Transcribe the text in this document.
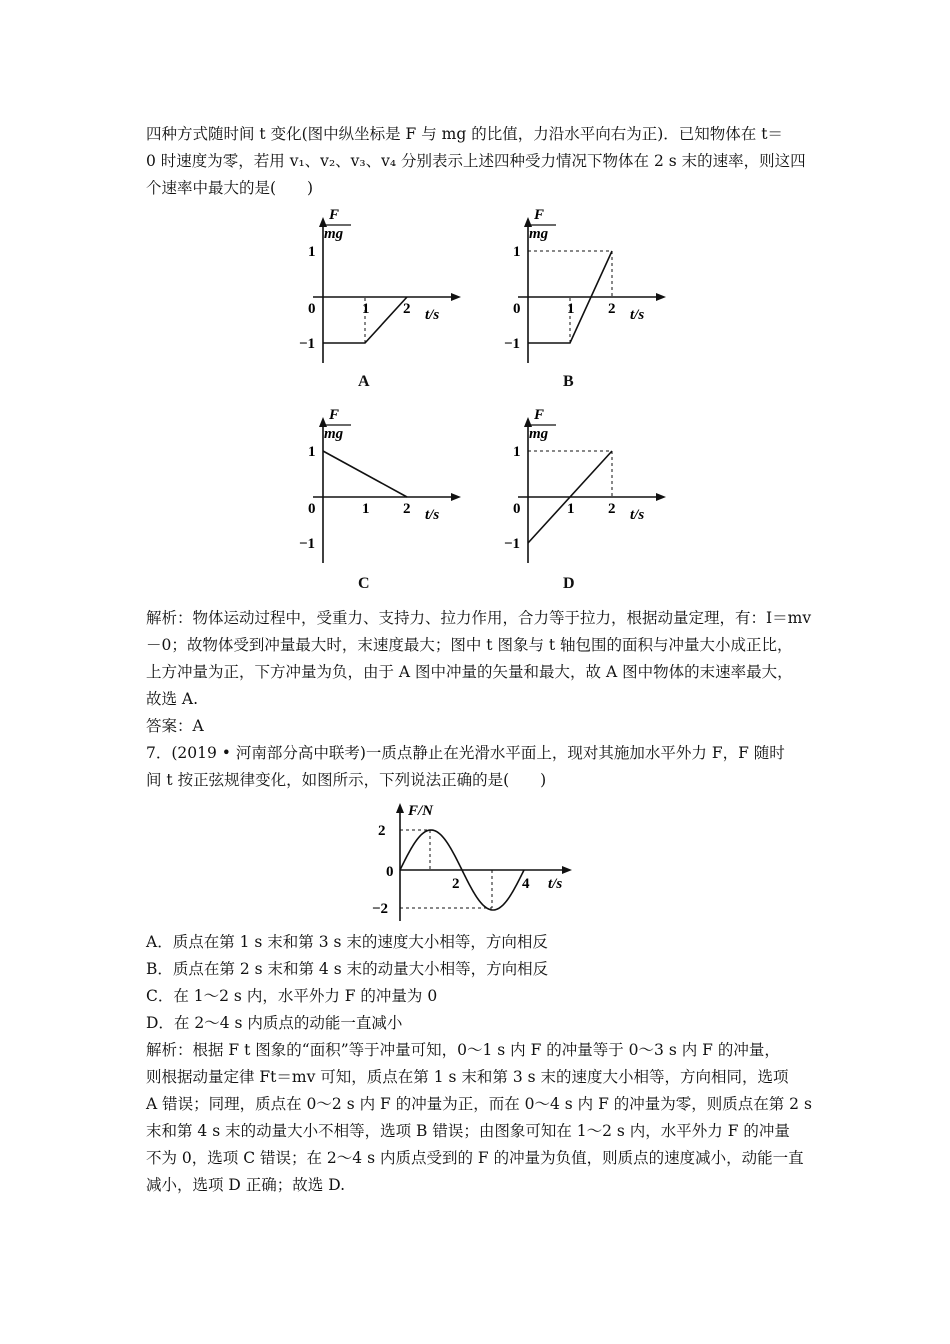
四种方式随时间 t 变化(图中纵坐标是 F 与 mg 的比值，力沿水平向右为正)．已知物体在 t＝
0 时速度为零，若用 v₁、v₂、v₃、v₄ 分别表示上述四种受力情况下物体在 2 s 末的速率，则这四
个速率中最大的是(　　)
F
mg
1
−1
0	1 2 t/s
A
F
mg
1
−1
0	1 2 t/s
B
F
mg
1
−1
0	1 2 t/s
C
F
mg
1
−1
0	1 2 t/s
D
解析：物体运动过程中，受重力、支持力、拉力作用，合力等于拉力，根据动量定理，有：I＝mv
－0；故物体受到冲量最大时，末速度最大；图中 t 图象与 t 轴包围的面积与冲量大小成正比，
上方冲量为正，下方冲量为负，由于 A 图中冲量的矢量和最大，故 A 图中物体的末速率最大，
故选 A.
答案：A
7．(2019 • 河南部分高中联考)一质点静止在光滑水平面上，现对其施加水平外力 F，F 随时
间 t 按正弦规律变化，如图所示，下列说法正确的是(　　)
F/N
2
0
−2
2	4 t/s
A．质点在第 1 s 末和第 3 s 末的速度大小相等，方向相反
B．质点在第 2 s 末和第 4 s 末的动量大小相等，方向相反
C．在 1～2 s 内，水平外力 F 的冲量为 0
D．在 2～4 s 内质点的动能一直减小
解析：根据 F t 图象的“面积”等于冲量可知，0～1 s 内 F 的冲量等于 0～3 s 内 F 的冲量，
则根据动量定律 Ft＝mv 可知，质点在第 1 s 末和第 3 s 末的速度大小相等，方向相同，选项
A 错误；同理，质点在 0～2 s 内 F 的冲量为正，而在 0～4 s 内 F 的冲量为零，则质点在第 2 s
末和第 4 s 末的动量大小不相等，选项 B 错误；由图象可知在 1～2 s 内，水平外力 F 的冲量
不为 0，选项 C 错误；在 2～4 s 内质点受到的 F 的冲量为负值，则质点的速度减小，动能一直
减小，选项 D 正确；故选 D.
